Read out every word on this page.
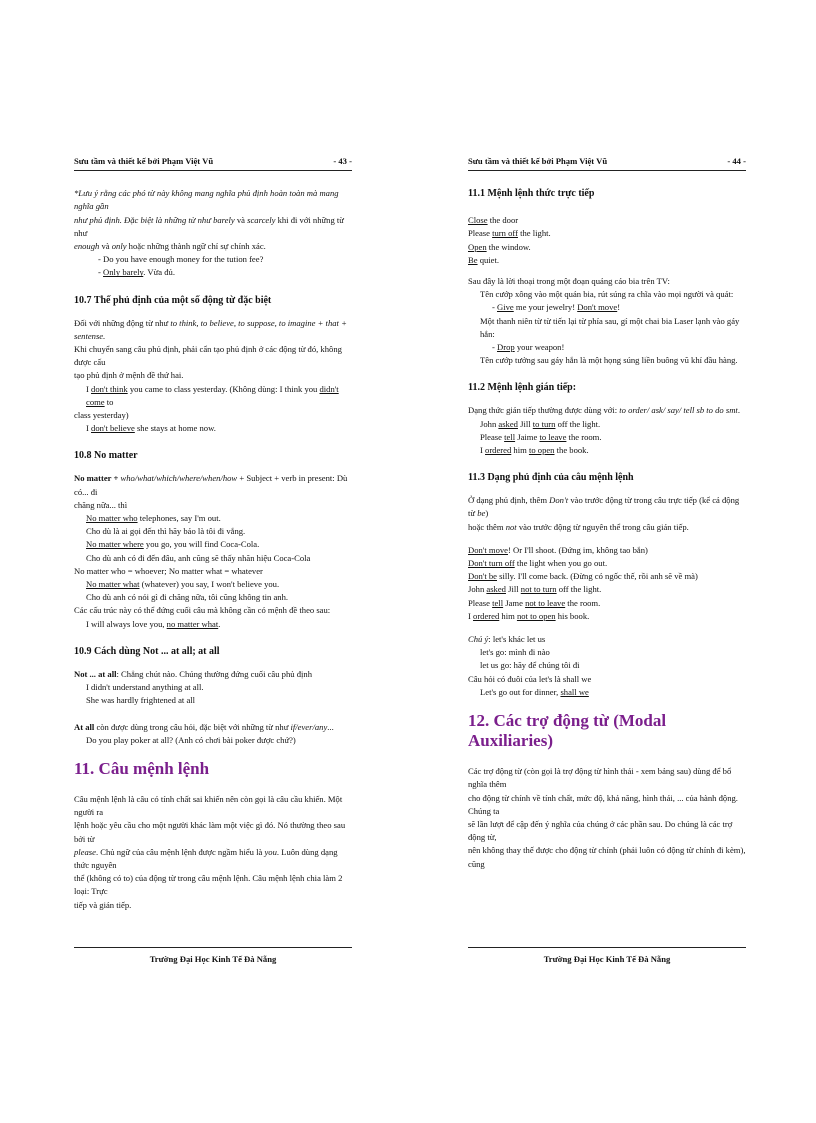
Sưu tầm và thiết kế bởi Phạm Việt Vũ	- 43 -

*Lưu ý rằng các phó từ này không mang nghĩa phủ định hoàn toàn mà mang nghĩa gần

như phủ định. Đặc biệt là những từ như barely và scarcely khi đi với những từ như

enough và only hoặc những thành ngữ chỉ sự chính xác.

- Do you have enough money for the tution fee?

- Only barely. Vừa đủ.

10.7 Thể phủ định của một số động từ đặc biệt

Đối với những động từ như to think, to believe, to suppose, to imagine + that + sentense.

Khi chuyển sang câu phủ định, phải cẩn tạo phủ định ở các động từ đó, không được cấu

tạo phủ định ở mệnh đề thứ hai.

I don't think you came to class yesterday. (Không dùng: I think you didn't come to

class yesterday)

I don't believe she stays at home now.

10.8 No matter

No matter + who/what/which/where/when/how + Subject + verb in present: Dù có... đi

chăng nữa... thì

No matter who telephones, say I'm out.

Cho dù là ai gọi đến thì hãy bảo là tôi đi vắng.

No matter where you go, you will find Coca-Cola.

Cho dù anh có đi đến đâu, anh cũng sẽ thấy nhãn hiệu Coca-Cola

No matter who = whoever; No matter what = whatever

No matter what (whatever) you say, I won't believe you.

Cho dù anh có nói gì đi chăng nữa, tôi cũng không tin anh.

Các cấu trúc này có thể đứng cuối câu mà không cần có mệnh đề theo sau:

I will always love you, no matter what.

10.9 Cách dùng Not ... at all; at all

Not ... at all: Chẳng chút nào. Chúng thường đứng cuối câu phủ định

I didn't understand anything at all.

She was hardly frightened at all

At all còn được dùng trong câu hỏi, đặc biệt với những từ như if/ever/any...

Do you play poker at all? (Anh có chơi bài poker được chứ?)

11. Câu mệnh lệnh

Câu mệnh lệnh là câu có tính chất sai khiến nên còn gọi là câu cầu khiến. Một người ra

lệnh hoặc yêu cầu cho một người khác làm một việc gì đó. Nó thường theo sau bởi từ

please. Chủ ngữ của câu mệnh lệnh được ngầm hiểu là you. Luôn dùng dạng thức nguyên

thể (không có to) của động từ trong câu mệnh lệnh. Câu mệnh lệnh chia làm 2 loại: Trực

tiếp và gián tiếp.

Trường Đại Học Kinh Tế Đà Nẵng
Sưu tầm và thiết kế bởi Phạm Việt Vũ	- 44 -
11.1 Mệnh lệnh thức trực tiếp

Close the door

Please turn off the light.

Open the window.

Be quiet.

Sau đây là lời thoại trong một đoạn quảng cáo bia trên TV:

Tên cướp xông vào một quán bia, rút súng ra chĩa vào mọi người và quát:

- Give me your jewelry! Don't move!

Một thanh niên từ từ tiến lại từ phía sau, gí một chai bia Laser lạnh vào gáy hắn:

- Drop your weapon!

Tên cướp tưởng sau gáy hắn là một họng súng liền buông vũ khí đầu hàng.

11.2 Mệnh lệnh gián tiếp:

Dạng thức gián tiếp thường được dùng với: to order/ ask/ say/ tell sb to do smt.

John asked Jill to turn off the light.

Please tell Jaime to leave the room.

I ordered him to open the book.

11.3 Dạng phủ định của câu mệnh lệnh

Ở dạng phủ định, thêm Don't vào trước động từ trong câu trực tiếp (kể cả động từ be)

hoặc thêm not vào trước động từ nguyên thể trong câu gián tiếp.

Don't move! Or I'll shoot. (Đứng im, không tao bắn)

Don't turn off the light when you go out.

Don't be silly. I'll come back. (Đừng có ngốc thế, rồi anh sẽ về mà)

John asked Jill not to turn off the light.

Please tell Jame not to leave the room.

I ordered him not to open his book.

Chú ý: let's khác let us

let's go: mình đi nào

let us go: hãy để chúng tôi đi

Câu hỏi có đuôi của let's là shall we

Let's go out for dinner, shall we

12. Các trợ động từ (Modal Auxiliaries)

Các trợ động từ (còn gọi là trợ động từ hình thái - xem bảng sau) dùng để bổ nghĩa thêm

cho động từ chính về tính chất, mức độ, khả năng, hình thái, ... của hành động. Chúng ta

sẽ lần lượt để cập đến ý nghĩa của chúng ở các phần sau. Do chúng là các trợ động từ,

nên không thay thế được cho động từ chính (phải luôn có động từ chính đi kèm), cũng

Trường Đại Học Kinh Tế Đà Nẵng
